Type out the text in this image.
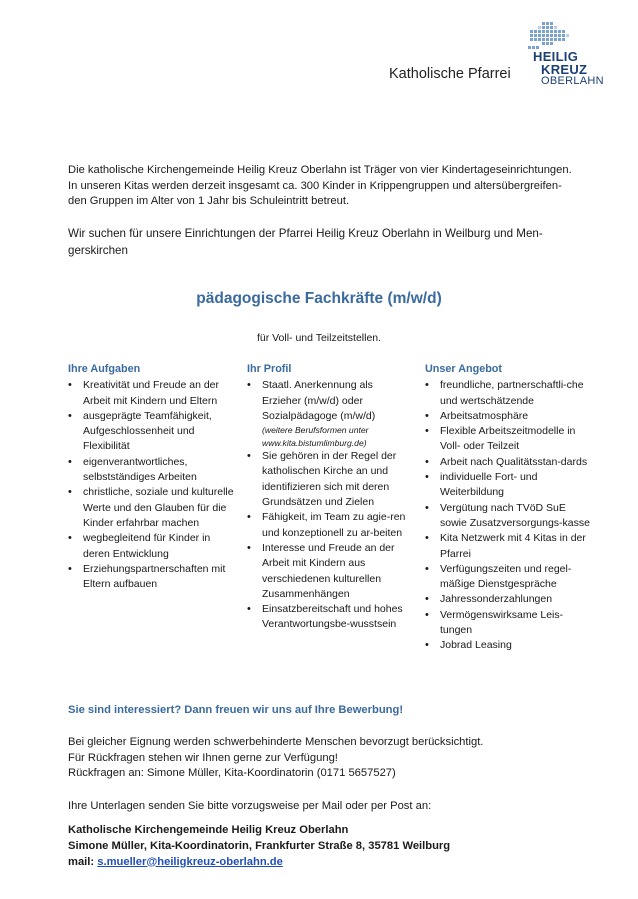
Katholische Pfarrei
HEILIG
KREUZ
OBERLAHN
Die katholische Kirchengemeinde Heilig Kreuz Oberlahn ist Träger von vier Kindertageseinrichtungen.
In unseren Kitas werden derzeit insgesamt ca. 300 Kinder in Krippengruppen und altersübergreifen-
den Gruppen im Alter von 1 Jahr bis Schuleintritt betreut.
Wir suchen für unsere Einrichtungen der Pfarrei Heilig Kreuz Oberlahn in Weilburg und Men-
gerskirchen
pädagogische Fachkräfte (m/w/d)
für Voll- und Teilzeitstellen.
Ihre Aufgaben
• Kreativität und Freude an der Arbeit mit Kindern und Eltern
• ausgeprägte Teamfähigkeit, Aufgeschlossenheit und Flexibilität
• eigenverantwortliches, selbstständiges Arbeiten
• christliche, soziale und kulturelle Werte und den Glauben für die Kinder erfahrbar machen
• wegbegleitend für Kinder in deren Entwicklung
• Erziehungspartnerschaften mit Eltern aufbauen
Ihr Profil
• Staatl. Anerkennung als Erzieher (m/w/d) oder Sozialpädagoge (m/w/d)
(weitere Berufsformen unter www.kita.bistumlimburg.de)
• Sie gehören in der Regel der katholischen Kirche an und identifizieren sich mit deren Grundsätzen und Zielen
• Fähigkeit, im Team zu agie-ren und konzeptionell zu ar-beiten
• Interesse und Freude an der Arbeit mit Kindern aus verschiedenen kulturellen Zusammenhängen
• Einsatzbereitschaft und hohes Verantwortungsbe-wusstsein
Unser Angebot
• freundliche, partnerschaftli-che und wertschätzende
• Arbeitsatmosphäre
• Flexible Arbeitszeitmodelle in Voll- oder Teilzeit
• Arbeit nach Qualitätsstan-dards
• individuelle Fort- und Weiterbildung
• Vergütung nach TVöD SuE sowie Zusatzversorgungs-kasse
• Kita Netzwerk mit 4 Kitas in der Pfarrei
• Verfügungszeiten und regel-mäßige Dienstgespräche
• Jahressonderzahlungen
• Vermögenswirksame Leis-tungen
• Jobrad Leasing
Sie sind interessiert? Dann freuen wir uns auf Ihre Bewerbung!
Bei gleicher Eignung werden schwerbehinderte Menschen bevorzugt berücksichtigt.
Für Rückfragen stehen wir Ihnen gerne zur Verfügung!
Rückfragen an: Simone Müller, Kita-Koordinatorin (0171 5657527)
Ihre Unterlagen senden Sie bitte vorzugsweise per Mail oder per Post an:
Katholische Kirchengemeinde Heilig Kreuz Oberlahn
Simone Müller, Kita-Koordinatorin, Frankfurter Straße 8, 35781 Weilburg
mail: s.mueller@heiligkreuz-oberlahn.de
